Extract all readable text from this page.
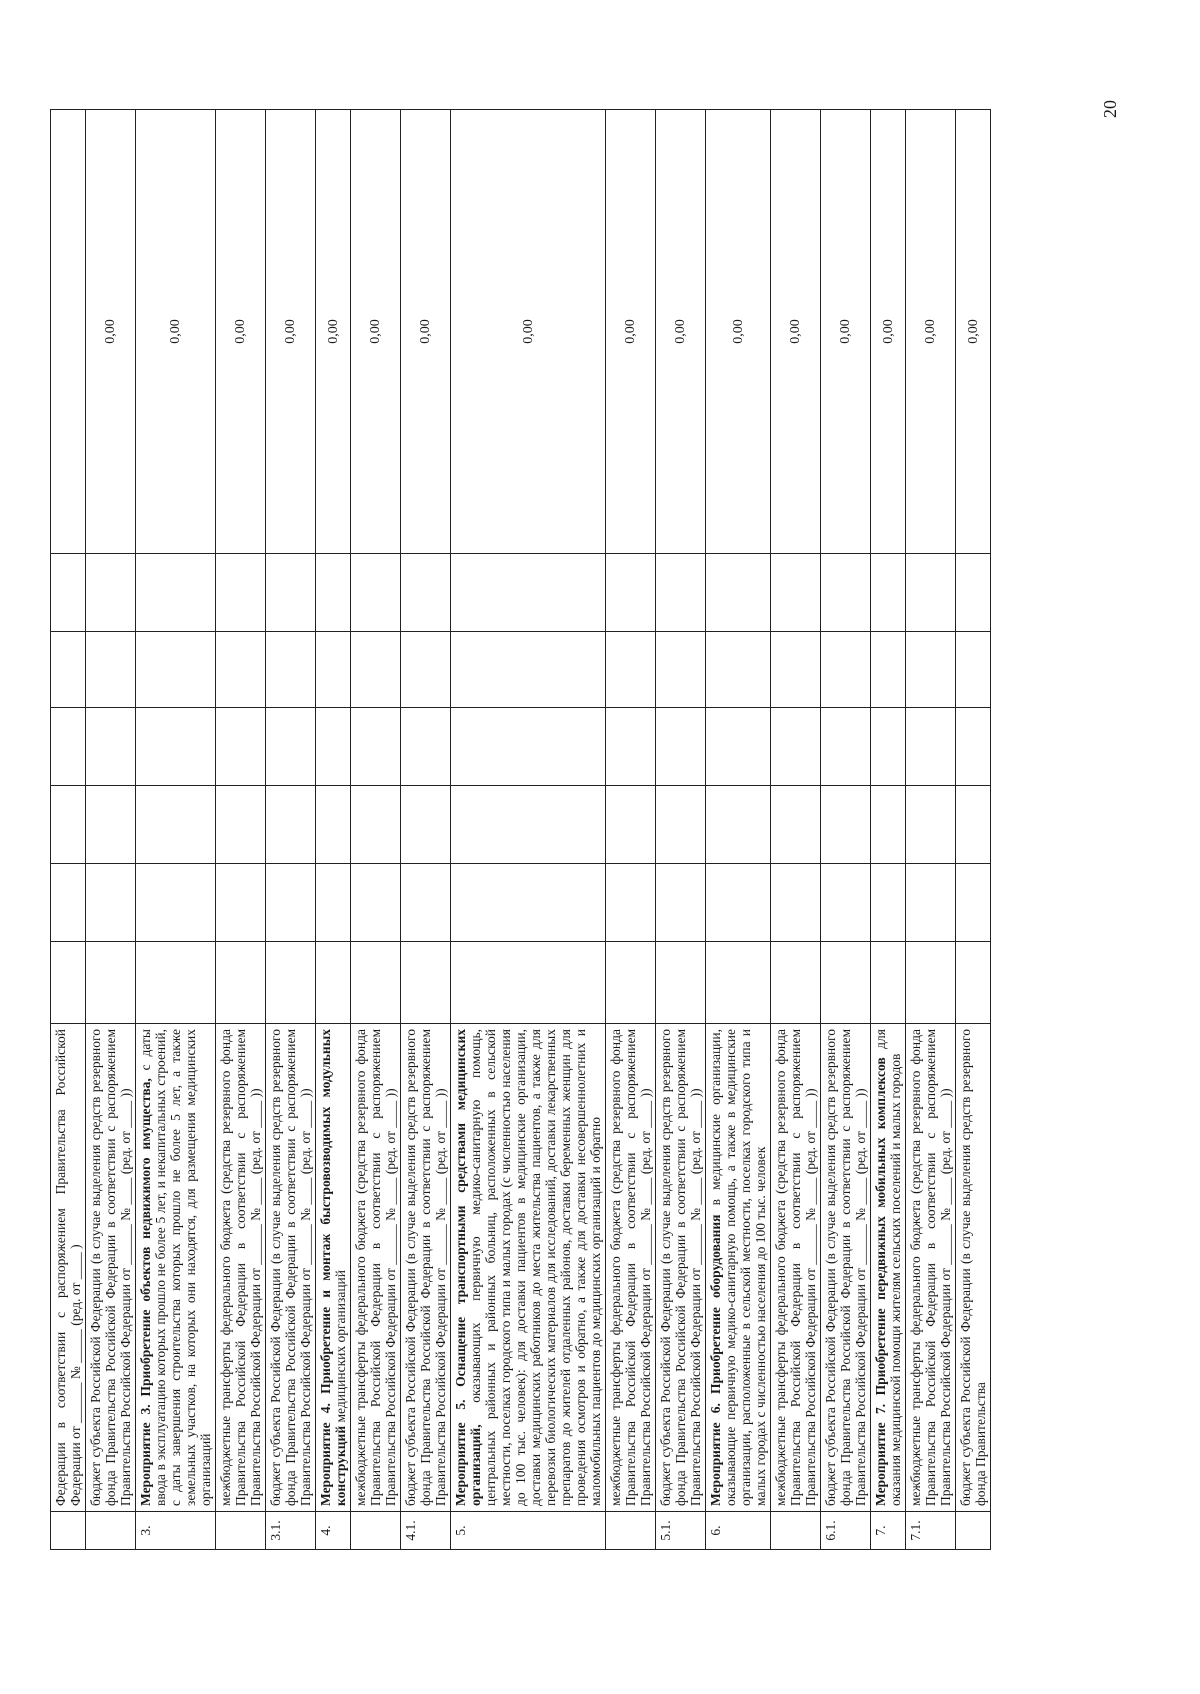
	Федерации в соответствии с распоряжением Правительства Российской Федерации от ______ № _____ (ред. от ____ )							
	бюджет субъекта Российской Федерации (в случае выделения средств резервного фонда Правительства Российской Федерации в соответствии с распоряжением Правительства Российской Федерации от ______ № ____ (ред. от ____ ))							0,00
3.	Мероприятие 3. Приобретение объектов недвижимого имущества, с даты ввода в эксплуатацию которых прошло не более 5 лет, и некапитальных строений, с даты завершения строительства которых прошло не более 5 лет, а также земельных участков, на которых они находятся, для размещения медицинских организаций							0,00
	межбюджетные трансферты федерального бюджета (средства резервного фонда Правительства Российской Федерации в соответствии с распоряжением Правительства Российской Федерации от ______ № ____ (ред. от ____ ))							0,00
3.1.	бюджет субъекта Российской Федерации (в случае выделения средств резервного фонда Правительства Российской Федерации в соответствии с распоряжением Правительства Российской Федерации от ______ № ____ (ред. от ____ ))							0,00
4.	Мероприятие 4. Приобретение и монтаж быстровозводимых модульных конструкций медицинских организаций							0,00
	межбюджетные трансферты федерального бюджета (средства резервного фонда Правительства Российской Федерации в соответствии с распоряжением Правительства Российской Федерации от ______ № ____ (ред. от ____ ))							0,00
4.1.	бюджет субъекта Российской Федерации (в случае выделения средств резервного фонда Правительства Российской Федерации в соответствии с распоряжением Правительства Российской Федерации от ______ № ____ (ред. от ____ ))							0,00
5.	Мероприятие 5. Оснащение транспортными средствами медицинских организаций, оказывающих первичную медико-санитарную помощь, центральных районных и районных больниц, расположенных в сельской местности, поселках городского типа и малых городах (с численностью населения до 100 тыс. человек): для доставки пациентов в медицинские организации, доставки медицинских работников до места жительства пациентов, а также для перевозки биологических материалов для исследований, доставки лекарственных препаратов до жителей отдаленных районов, доставки беременных женщин для проведения осмотров и обратно, а также для доставки несовершеннолетних и маломобильных пациентов до медицинских организаций и обратно							0,00
	межбюджетные трансферты федерального бюджета (средства резервного фонда Правительства Российской Федерации в соответствии с распоряжением Правительства Российской Федерации от ______ № ____ (ред. от ____ ))							0,00
5.1.	бюджет субъекта Российской Федерации (в случае выделения средств резервного фонда Правительства Российской Федерации в соответствии с распоряжением Правительства Российской Федерации от ______ № ____ (ред. от ____ ))							0,00
6.	Мероприятие 6. Приобретение оборудования в медицинские организации, оказывающие первичную медико-санитарную помощь, а также в медицинские организации, расположенные в сельской местности, поселках городского типа и малых городах с численностью населения до 100 тыс. человек							0,00
	межбюджетные трансферты федерального бюджета (средства резервного фонда Правительства Российской Федерации в соответствии с распоряжением Правительства Российской Федерации от ______ № ____ (ред. от ____ ))							0,00
6.1.	бюджет субъекта Российской Федерации (в случае выделения средств резервного фонда Правительства Российской Федерации в соответствии с распоряжением Правительства Российской Федерации от ______ № ____ (ред. от ____ ))							0,00
7.	Мероприятие 7. Приобретение передвижных мобильных комплексов для оказания медицинской помощи жителям сельских поселений и малых городов							0,00
7.1.	межбюджетные трансферты федерального бюджета (средства резервного фонда Правительства Российской Федерации в соответствии с распоряжением Правительства Российской Федерации от ______ № ____ (ред. от ____ ))							0,00
	бюджет субъекта Российской Федерации (в случае выделения средств резервного фонда Правительства							0,00
20
